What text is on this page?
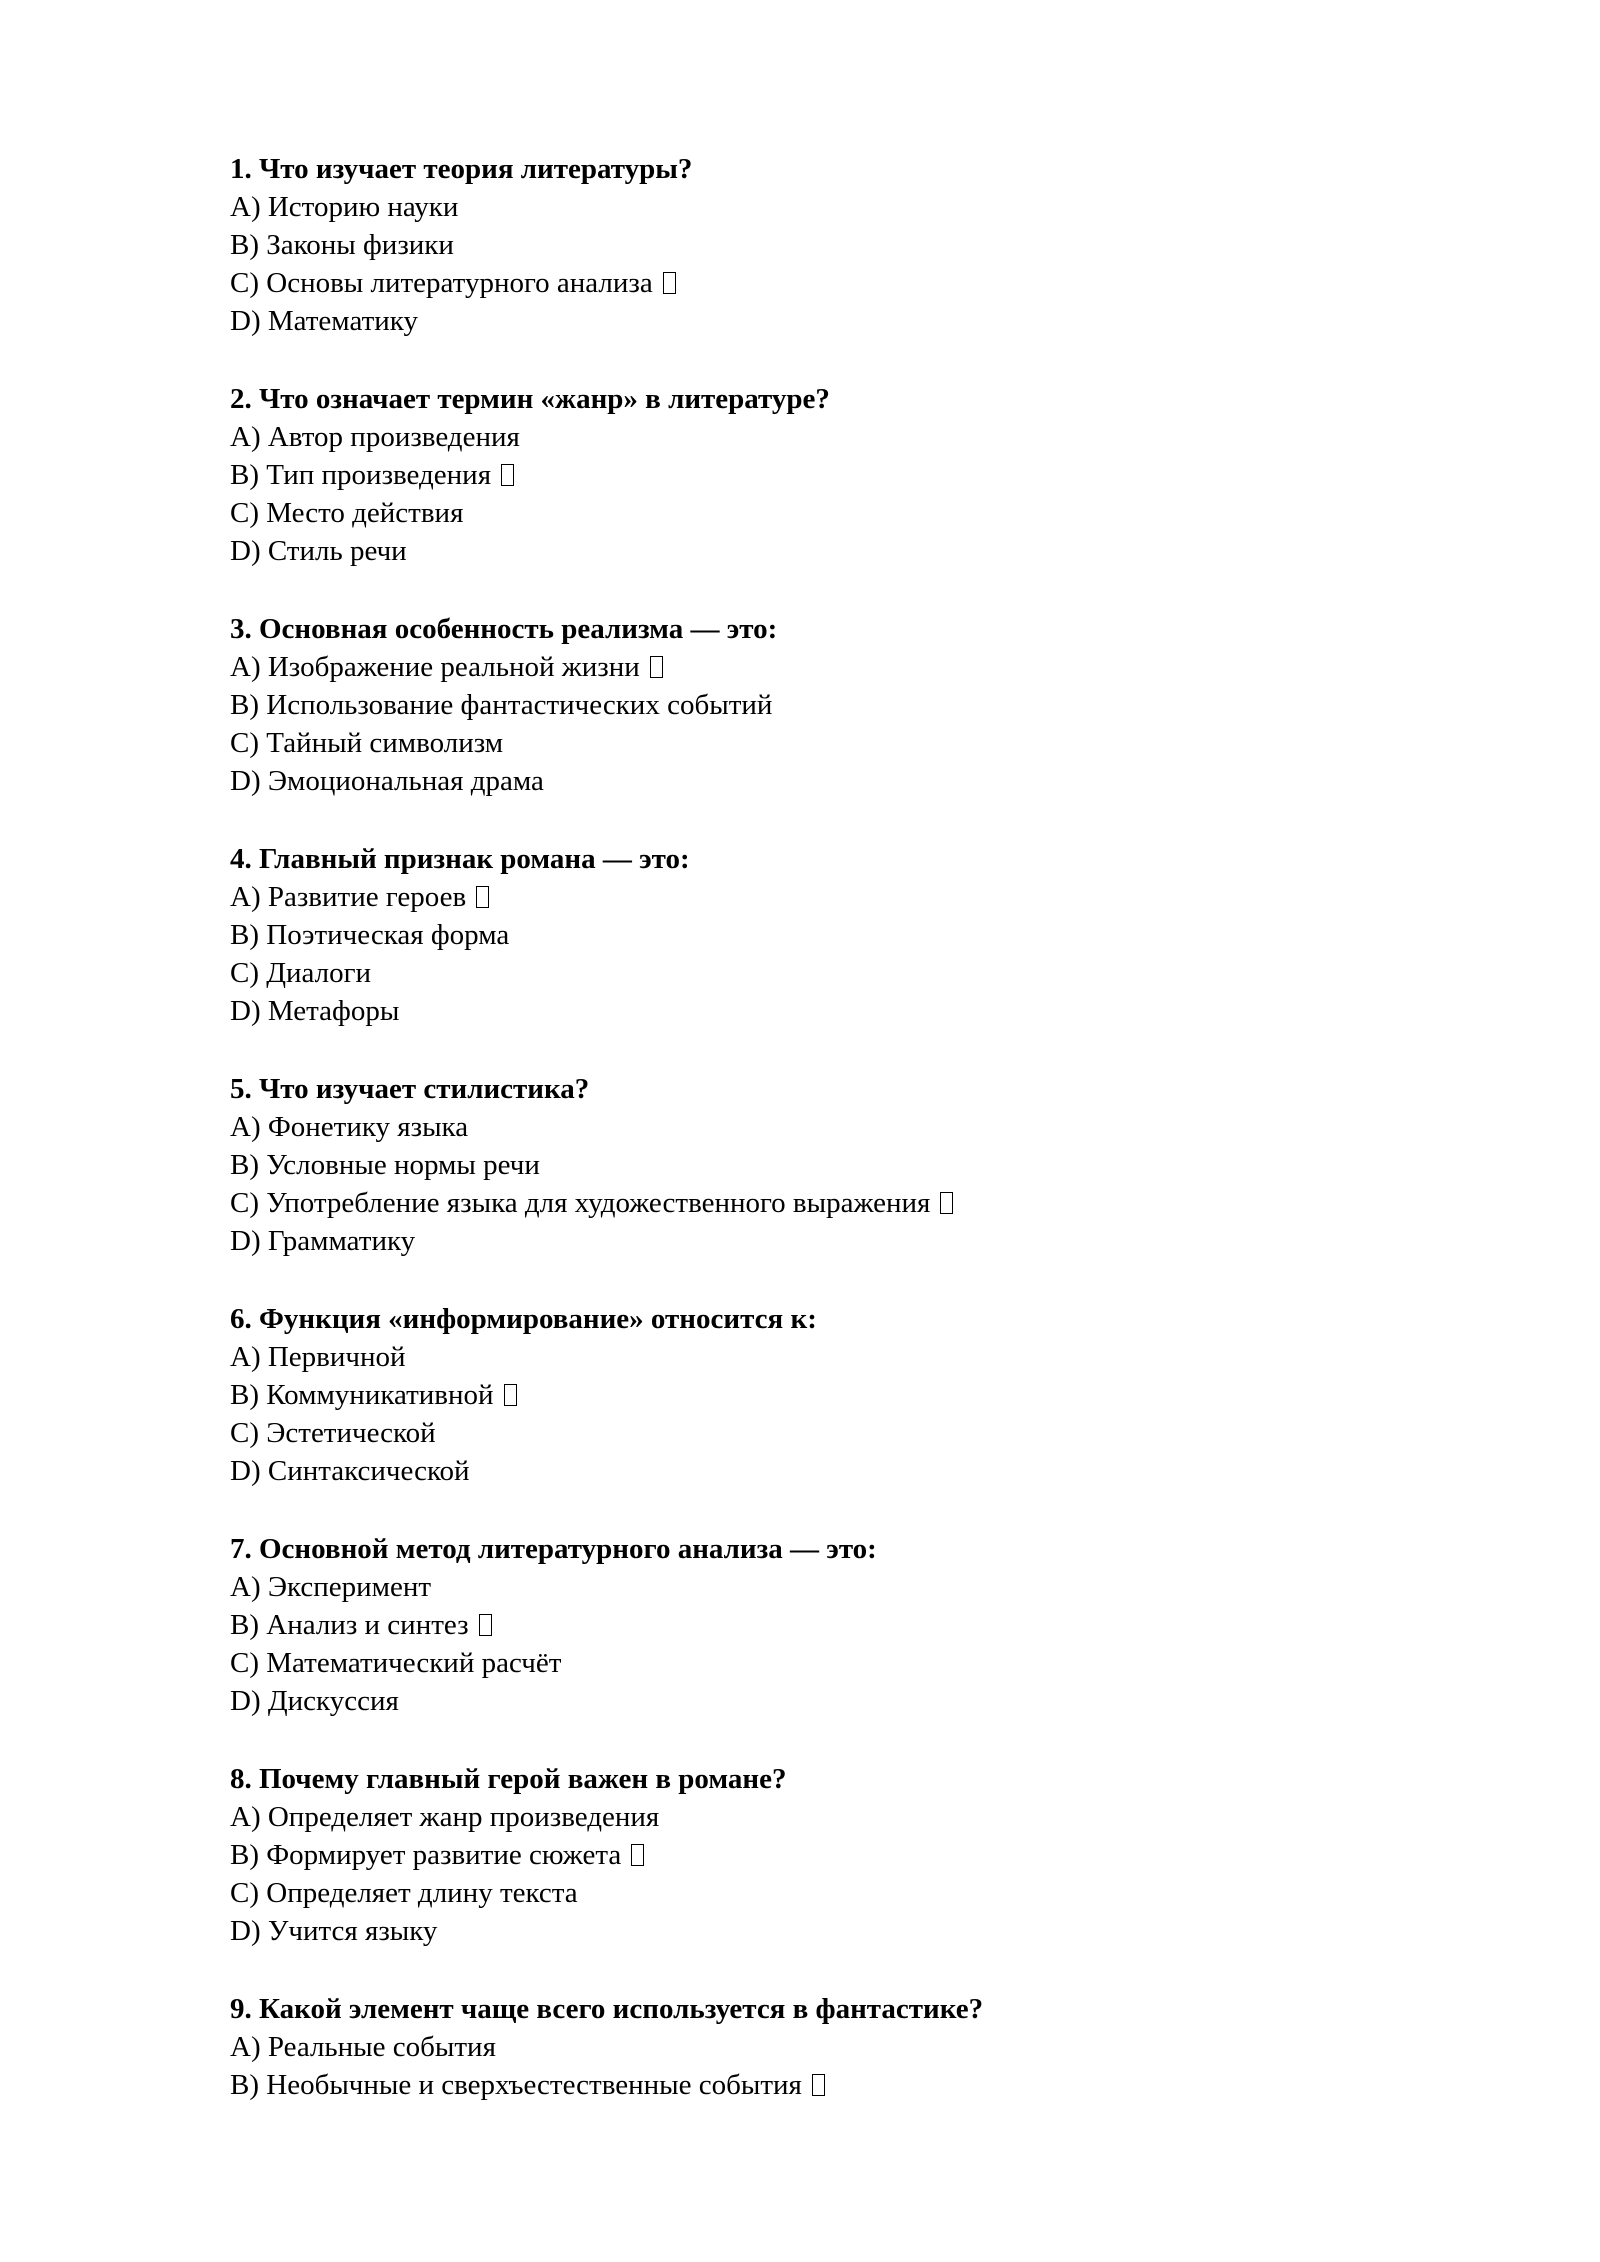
1. Что изучает теория литературы?
A) Историю науки
B) Законы физики
C) Основы литературного анализа
D) Математику
2. Что означает термин «жанр» в литературе?
A) Автор произведения
B) Тип произведения
C) Место действия
D) Стиль речи
3. Основная особенность реализма — это:
A) Изображение реальной жизни
B) Использование фантастических событий
C) Тайный символизм
D) Эмоциональная драма
4. Главный признак романа — это:
A) Развитие героев
B) Поэтическая форма
C) Диалоги
D) Метафоры
5. Что изучает стилистика?
A) Фонетику языка
B) Условные нормы речи
C) Употребление языка для художественного выражения
D) Грамматику
6. Функция «информирование» относится к:
A) Первичной
B) Коммуникативной
C) Эстетической
D) Синтаксической
7. Основной метод литературного анализа — это:
A) Эксперимент
B) Анализ и синтез
C) Математический расчёт
D) Дискуссия
8. Почему главный герой важен в романе?
A) Определяет жанр произведения
B) Формирует развитие сюжета
C) Определяет длину текста
D) Учится языку
9. Какой элемент чаще всего используется в фантастике?
A) Реальные события
B) Необычные и сверхъестественные события
